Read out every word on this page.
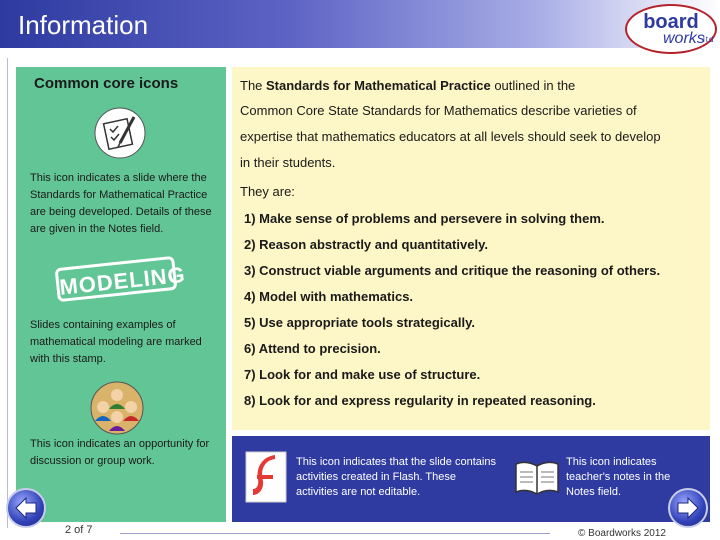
Information	board
works
ltd
Common core icons
This icon indicates a slide where the Standards for Mathematical Practice are being developed. Details of these are given in the Notes field.
MODELING
Slides containing examples of mathematical modeling are marked with this stamp.
This icon indicates an opportunity for discussion or group work.
The Standards for Mathematical Practice outlined in the
Common Core State Standards for Mathematics describe varieties of
expertise that mathematics educators at all levels should seek to develop
in their students.
They are:
1) Make sense of problems and persevere in solving them.
2) Reason abstractly and quantitatively.
3) Construct viable arguments and critique the reasoning of others.
4) Model with mathematics.
5) Use appropriate tools strategically.
6) Attend to precision.
7) Look for and make use of structure.
8) Look for and express regularity in repeated reasoning.
This icon indicates that the slide contains activities created in Flash. These activities are not editable.
This icon indicates teacher's notes in the Notes field.
2 of 7	© Boardworks 2012
